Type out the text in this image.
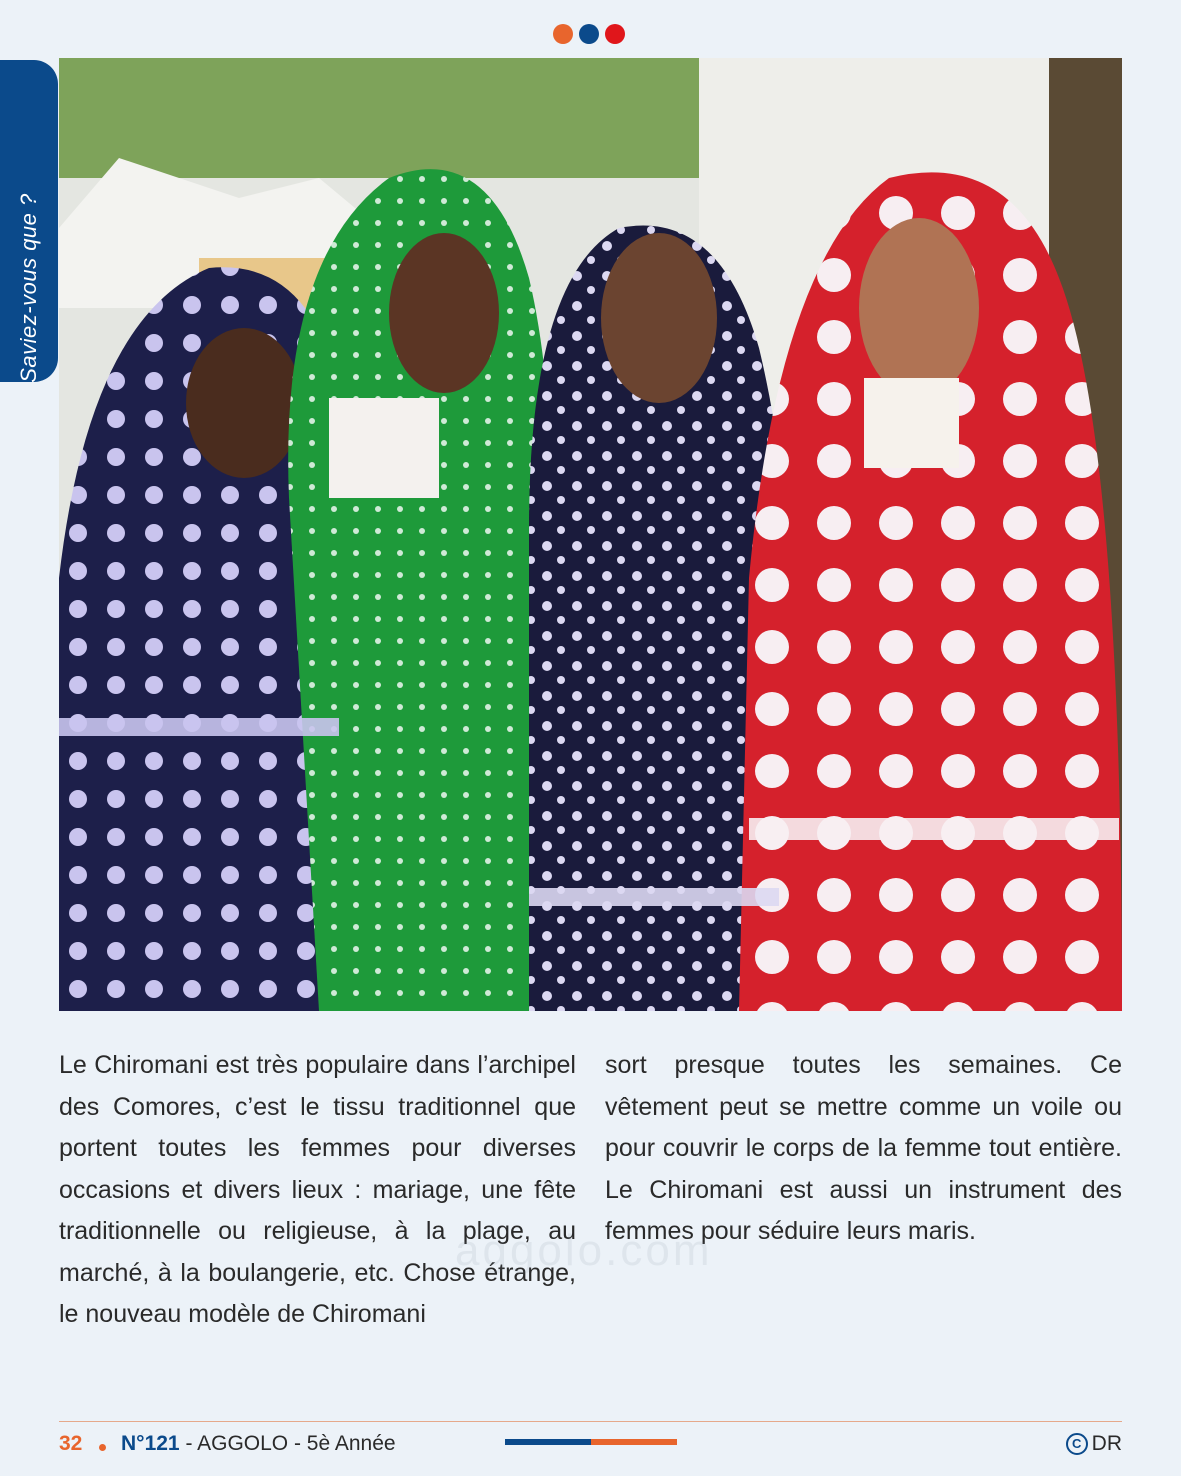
Saviez-vous que ?
Le Chiromani est très populaire dans l’archipel des Comores, c’est le tissu traditionnel que portent toutes les femmes pour diverses occasions et divers lieux : mariage, une fête traditionnelle ou religieuse, à la plage, au marché, à la boulangerie, etc. Chose étrange, le nouveau modèle de Chiromani
sort presque toutes les semaines. Ce vêtement peut se mettre comme un voile ou pour couvrir le corps de la femme tout entière. Le Chiromani est aussi un instrument des femmes pour séduire leurs maris.
aggolo.com
32 N°121 - AGGOLO - 5è Année	C DR
